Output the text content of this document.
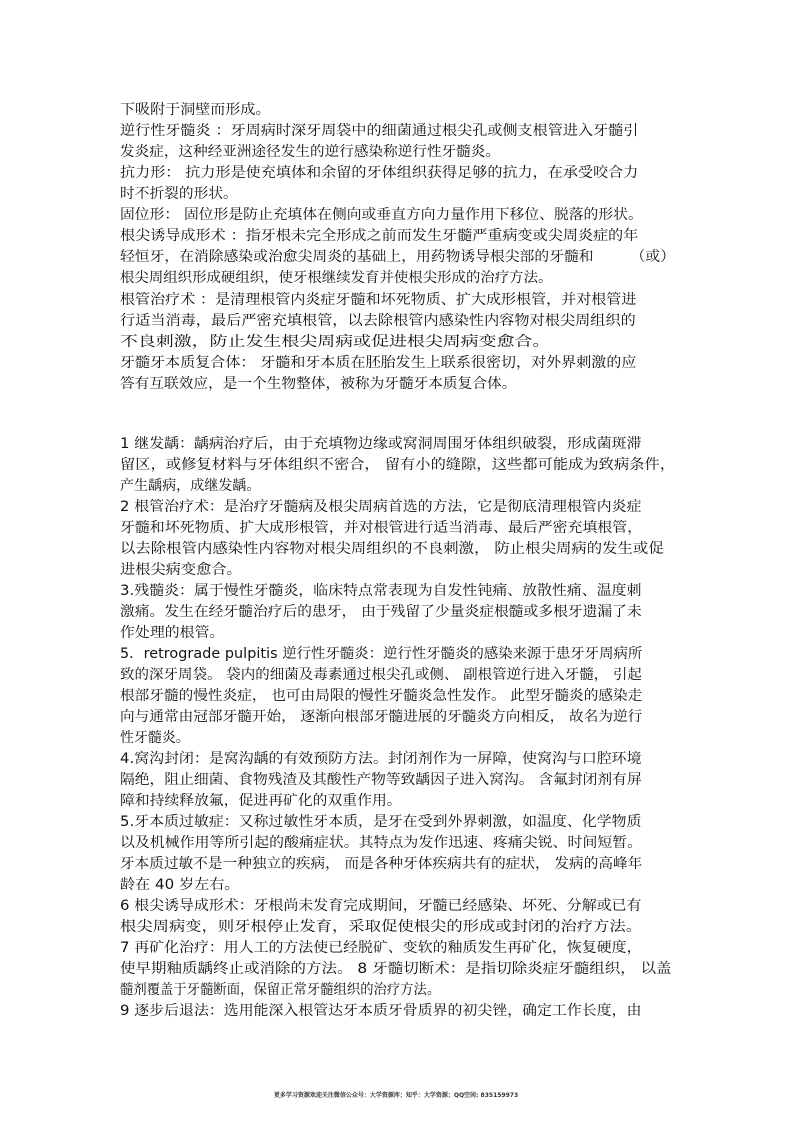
下吸附于洞壁而形成。
逆行性牙髓炎 ：牙周病时深牙周袋中的细菌通过根尖孔或侧支根管进入牙髓引
发炎症，这种经亚洲途径发生的逆行感染称逆行性牙髓炎。
抗力形： 抗力形是使充填体和余留的牙体组织获得足够的抗力，在承受咬合力
时不折裂的形状。
固位形： 固位形是防止充填体在侧向或垂直方向力量作用下移位、脱落的形状。
根尖诱导成形术 ：指牙根未完全形成之前而发生牙髓严重病变或尖周炎症的年
轻恒牙，在消除感染或治愈尖周炎的基础上，用药物诱导根尖部的牙髓和　　　（或）
根尖周组织形成硬组织，使牙根继续发育并使根尖形成的治疗方法。
根管治疗术 ：是清理根管内炎症牙髓和坏死物质、扩大成形根管，并对根管进
行适当消毒，最后严密充填根管，以去除根管内感染性内容物对根尖周组织的
不良刺激，防止发生根尖周病或促进根尖周病变愈合。
牙髓牙本质复合体： 牙髓和牙本质在胚胎发生上联系很密切，对外界刺激的应
答有互联效应，是一个生物整体，被称为牙髓牙本质复合体。
1 继发龋：龋病治疗后，由于充填物边缘或窝洞周围牙体组织破裂，形成菌斑滞
留区，或修复材料与牙体组织不密合， 留有小的缝隙，这些都可能成为致病条件，
产生龋病，成继发龋。
2 根管治疗术：是治疗牙髓病及根尖周病首选的方法，它是彻底清理根管内炎症
牙髓和坏死物质、扩大成形根管，并对根管进行适当消毒、最后严密充填根管，
以去除根管内感染性内容物对根尖周组织的不良刺激， 防止根尖周病的发生或促
进根尖病变愈合。
3.残髓炎：属于慢性牙髓炎，临床特点常表现为自发性钝痛、放散性痛、温度刺
激痛。发生在经牙髓治疗后的患牙， 由于残留了少量炎症根髓或多根牙遗漏了未
作处理的根管。
5．retrograde pulpitis 逆行性牙髓炎：逆行性牙髓炎的感染来源于患牙牙周病所
致的深牙周袋。 袋内的细菌及毒素通过根尖孔或侧、 副根管逆行进入牙髓， 引起
根部牙髓的慢性炎症， 也可由局限的慢性牙髓炎急性发作。 此型牙髓炎的感染走
向与通常由冠部牙髓开始， 逐渐向根部牙髓进展的牙髓炎方向相反， 故名为逆行
性牙髓炎。
4.窝沟封闭：是窝沟龋的有效预防方法。封闭剂作为一屏障，使窝沟与口腔环境
隔绝，阻止细菌、食物残渣及其酸性产物等致龋因子进入窝沟。 含氟封闭剂有屏
障和持续释放氟，促进再矿化的双重作用。
5.牙本质过敏症：又称过敏性牙本质，是牙在受到外界刺激，如温度、化学物质
以及机械作用等所引起的酸痛症状。其特点为发作迅速、疼痛尖锐、时间短暂。
牙本质过敏不是一种独立的疾病， 而是各种牙体疾病共有的症状， 发病的高峰年
龄在 40 岁左右。
6 根尖诱导成形术：牙根尚未发育完成期间，牙髓已经感染、坏死、分解或已有
根尖周病变，则牙根停止发育，采取促使根尖的形成或封闭的治疗方法。
7 再矿化治疗：用人工的方法使已经脱矿、变软的釉质发生再矿化，恢复硬度，
使早期釉质龋终止或消除的方法。 8 牙髓切断术：是指切除炎症牙髓组织， 以盖
髓剂覆盖于牙髓断面，保留正常牙髓组织的治疗方法。
9 逐步后退法：选用能深入根管达牙本质牙骨质界的初尖锉，确定工作长度，由
更多学习资源欢迎关注微信公众号：大学资源库；知乎：大学资源；QQ空间: 835159973
